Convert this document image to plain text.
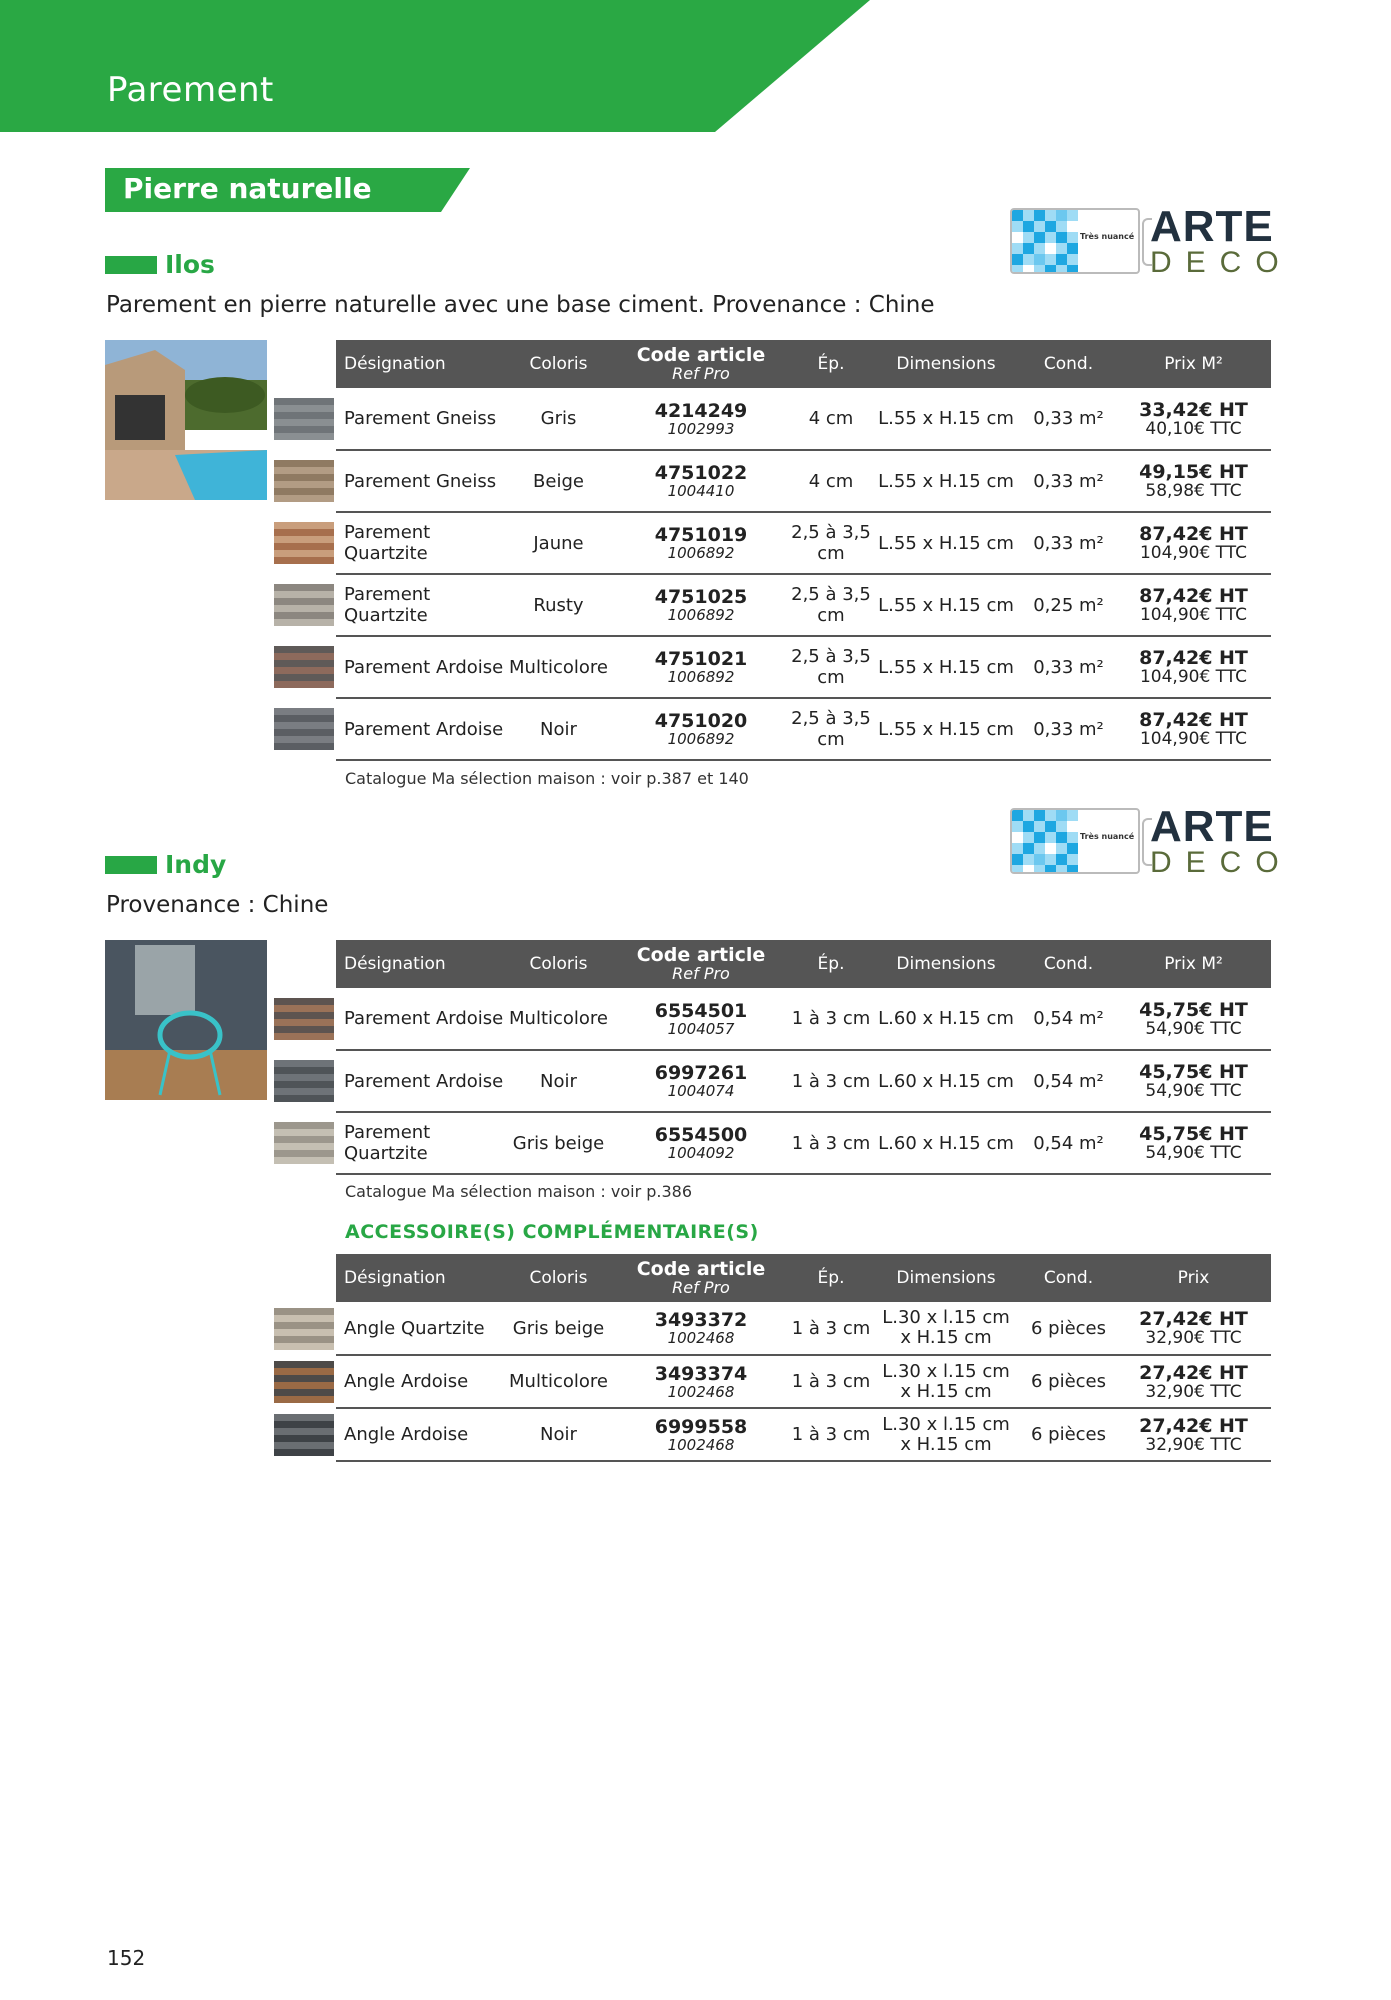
Parement
Pierre naturelle
Très nuancé ARTE
DECO
Ilos
Parement en pierre naturelle avec une base ciment. Provenance : Chine
Désignation	Coloris	Code article
Ref Pro	Ép.	Dimensions	Cond.	Prix M²
Parement Gneiss	Gris	4214249
1002993	4 cm	L.55 x H.15 cm	0,33 m²	33,42€ HT
40,10€ TTC

Parement Gneiss	Beige	4751022
1004410	4 cm	L.55 x H.15 cm	0,33 m²	49,15€ HT
58,98€ TTC

Parement Quartzite	Jaune	4751019
1006892	2,5 à 3,5 cm	L.55 x H.15 cm	0,33 m²	87,42€ HT
104,90€ TTC

Parement Quartzite	Rusty	4751025
1006892	2,5 à 3,5 cm	L.55 x H.15 cm	0,25 m²	87,42€ HT
104,90€ TTC

Parement Ardoise	Multicolore	4751021
1006892	2,5 à 3,5 cm	L.55 x H.15 cm	0,33 m²	87,42€ HT
104,90€ TTC

Parement Ardoise	Noir	4751020
1006892	2,5 à 3,5 cm	L.55 x H.15 cm	0,33 m²	87,42€ HT
104,90€ TTC
Catalogue Ma sélection maison : voir p.387 et 140
Très nuancé ARTE
DECO
Indy
Provenance : Chine
Désignation	Coloris	Code article
Ref Pro	Ép.	Dimensions	Cond.	Prix M²
Parement Ardoise	Multicolore	6554501
1004057	1 à 3 cm	L.60 x H.15 cm	0,54 m²	45,75€ HT
54,90€ TTC

Parement Ardoise	Noir	6997261
1004074	1 à 3 cm	L.60 x H.15 cm	0,54 m²	45,75€ HT
54,90€ TTC

Parement Quartzite	Gris beige	6554500
1004092	1 à 3 cm	L.60 x H.15 cm	0,54 m²	45,75€ HT
54,90€ TTC
Catalogue Ma sélection maison : voir p.386
ACCESSOIRE(S) COMPLÉMENTAIRE(S)
Désignation	Coloris	Code article
Ref Pro	Ép.	Dimensions	Cond.	Prix
Angle Quartzite	Gris beige	3493372
1002468	1 à 3 cm	L.30 x l.15 cm
x H.15 cm	6 pièces	27,42€ HT
32,90€ TTC

Angle Ardoise	Multicolore	3493374
1002468	1 à 3 cm	L.30 x l.15 cm
x H.15 cm	6 pièces	27,42€ HT
32,90€ TTC

Angle Ardoise	Noir	6999558
1002468	1 à 3 cm	L.30 x l.15 cm
x H.15 cm	6 pièces	27,42€ HT
32,90€ TTC
152
